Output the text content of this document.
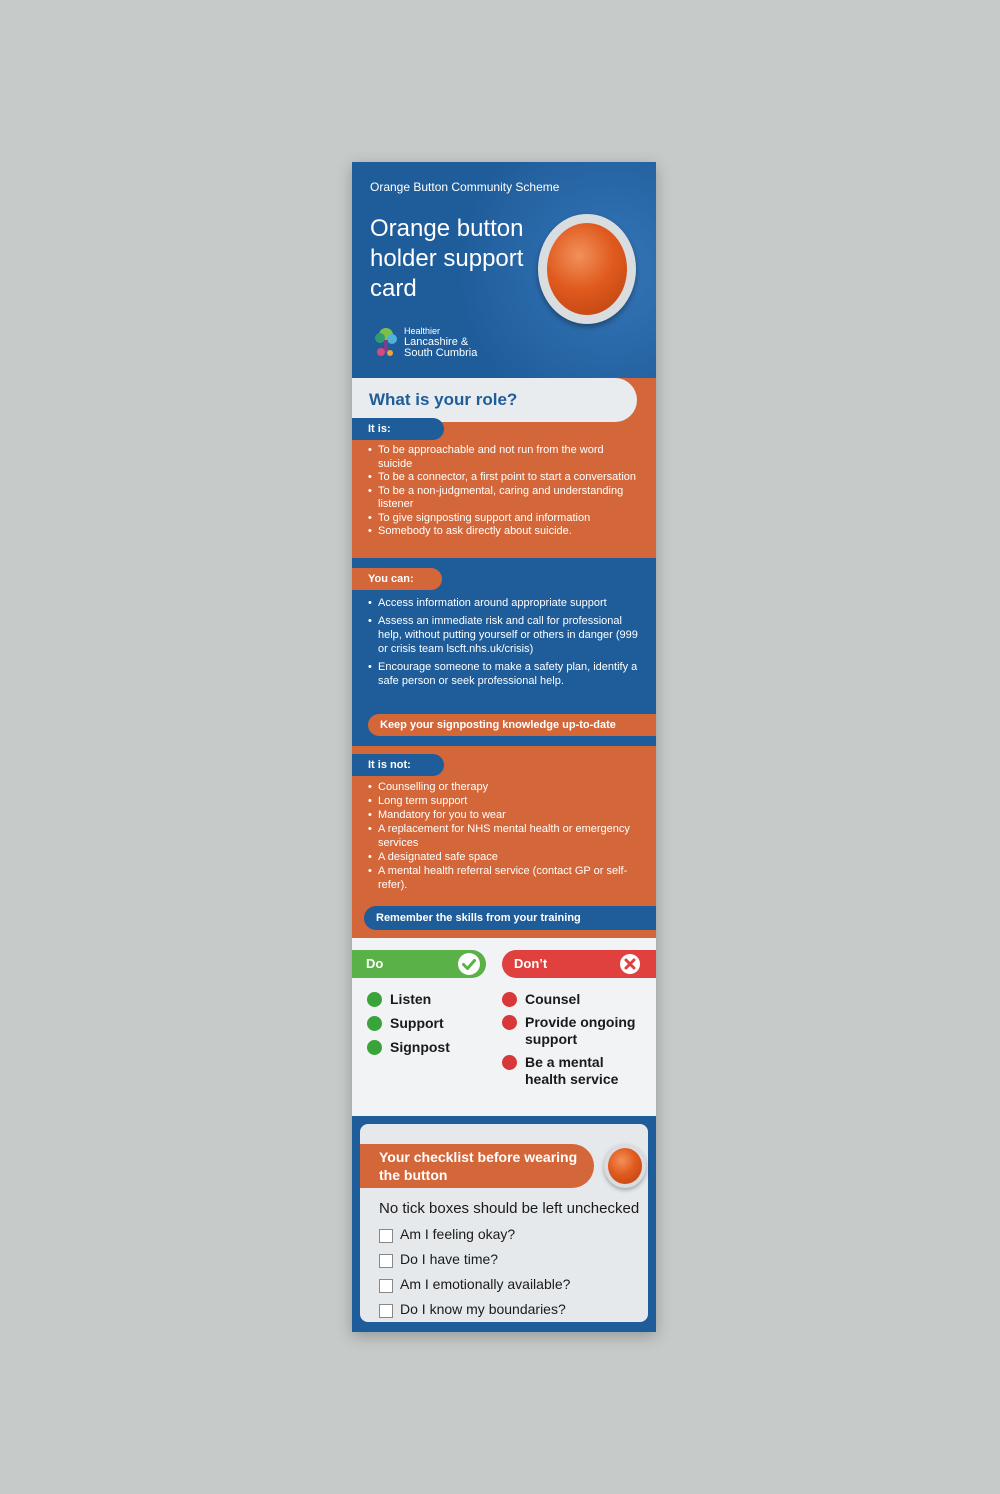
Orange Button Community Scheme
Orange button holder support card
Healthier
Lancashire &
South Cumbria
What is your role?
It is:
• To be approachable and not run from the word suicide
• To be a connector, a first point to start a conversation
• To be a non-judgmental, caring and understanding listener
• To give signposting support and information
• Somebody to ask directly about suicide.
You can:
• Access information around appropriate support
• Assess an immediate risk and call for professional help, without putting yourself or others in danger (999 or crisis team lscft.nhs.uk/crisis)
• Encourage someone to make a safety plan, identify a safe person or seek professional help.
Keep your signposting knowledge up-to-date
It is not:
• Counselling or therapy
• Long term support
• Mandatory for you to wear
• A replacement for NHS mental health or emergency services
• A designated safe space
• A mental health referral service (contact GP or self-refer).
Remember the skills from your training
Do	Don’t
Listen
Support
Signpost
Counsel
Provide ongoing support
Be a mental health service
Your checklist before wearing the button
No tick boxes should be left unchecked
Am I feeling okay?
Do I have time?
Am I emotionally available?
Do I know my boundaries?
